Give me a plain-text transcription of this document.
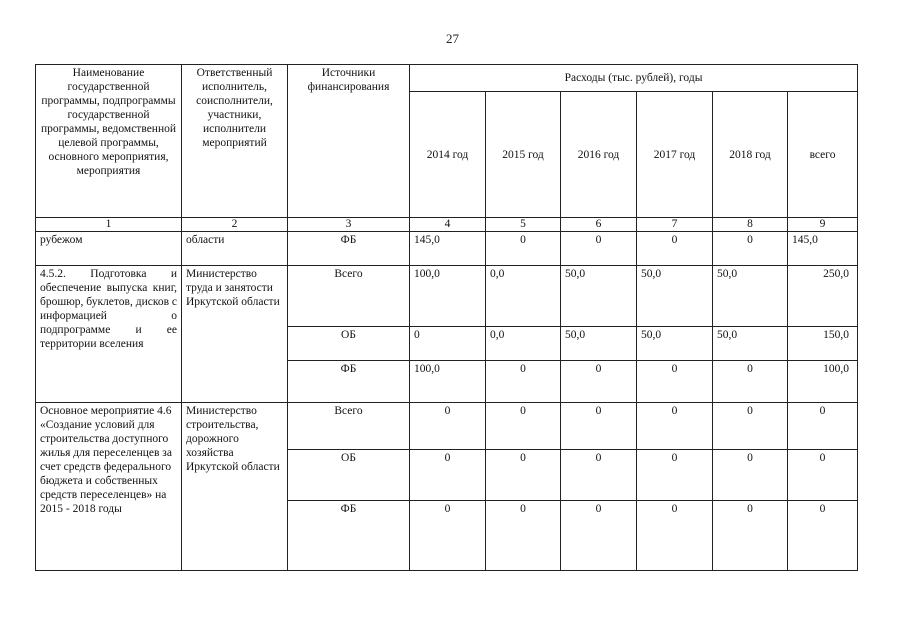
27
Наименование государственной программы, подпрограммы государственной программы, ведомственной целевой программы, основного мероприятия, мероприятия	Ответственный исполнитель, соисполнители, участники, исполнители мероприятий	Источники финансирования	Расходы (тыс. рублей), годы					
			2014 год	2015 год	2016 год	2017 год	2018 год	всего
1	2	3	4	5	6	7	8	9
рубежом	области	ФБ	145,0	0	0	0	0	145,0
4.5.2. Подготовка и обеспечение выпуска книг, брошюр, буклетов, дисков с информацией о подпрограмме и ее территории вселения	Министерство труда и занятости Иркутской области	Всего	100,0	0,0	50,0	50,0	50,0	250,0
		ОБ	0	0,0	50,0	50,0	50,0	150,0
		ФБ	100,0	0	0	0	0	100,0
Основное мероприятие 4.6 «Создание условий для строительства доступного жилья для переселенцев за счет средств федерального бюджета и собственных средств переселенцев» на 2015 - 2018 годы	Министерство строительства, дорожного хозяйства Иркутской области	Всего	0	0	0	0	0	0
		ОБ	0	0	0	0	0	0
		ФБ	0	0	0	0	0	0
